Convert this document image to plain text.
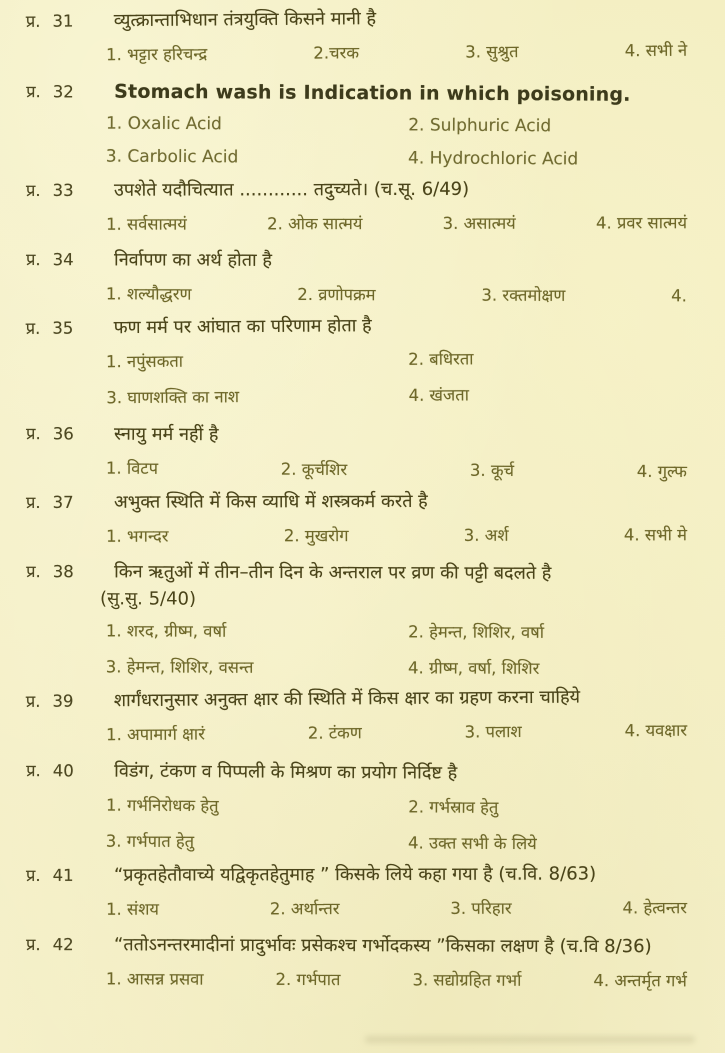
प्र. 31	व्युत्क्रान्ताभिधान तंत्रयुक्ति किसने मानी है
1. भट्टार हरिचन्द्र	2.चरक	3. सुश्रुत	4. सभी ने
प्र. 32	Stomach wash is Indication in which poisoning.
1. Oxalic Acid	2. Sulphuric Acid
3. Carbolic Acid	4. Hydrochloric Acid
प्र. 33	उपशेते यदौचित्यात ............ तदुच्यते। (च.सू. 6/49)
1. सर्वसात्मयं	2. ओक सात्मयं	3. असात्मयं	4. प्रवर सात्मयं
प्र. 34	निर्वापण का अर्थ होता है
1. शल्यौद्धरण	2. व्रणोपक्रम	3. रक्तमोक्षण	4.
प्र. 35	फण मर्म पर आंघात का परिणाम होता है
1. नपुंसकता	2. बधिरता
3. घाणशक्ति का नाश	4. खंजता
प्र. 36	स्नायु मर्म नहीं है
1. विटप	2. कूर्चशिर	3. कूर्च	4. गुल्फ
प्र. 37	अभुक्त स्थिति में किस व्याधि में शस्त्रकर्म करते है
1. भगन्दर	2. मुखरोग	3. अर्श	4. सभी मे
प्र. 38	किन ऋतुओं में तीन–तीन दिन के अन्तराल पर व्रण की पट्टी बदलते है
(सु.सु. 5/40)
1. शरद, ग्रीष्म, वर्षा	2. हेमन्त, शिशिर, वर्षा
3. हेमन्त, शिशिर, वसन्त	4. ग्रीष्म, वर्षा, शिशिर
प्र. 39	शार्गंधरानुसार अनुक्त क्षार की स्थिति में किस क्षार का ग्रहण करना चाहिये
1. अपामार्ग क्षारं	2. टंकण	3. पलाश	4. यवक्षार
प्र. 40	विडंग, टंकण व पिप्पली के मिश्रण का प्रयोग निर्दिष्ट है
1. गर्भनिरोधक हेतु	2. गर्भस्राव हेतु
3. गर्भपात हेतु	4. उक्त सभी के लिये
प्र. 41	“प्रकृतहेतौवाच्ये यद्विकृतहेतुमाह ” किसके लिये कहा गया है (च.वि. 8/63)
1. संशय	2. अर्थान्तर	3. परिहार	4. हेत्वन्तर
प्र. 42	“ततोऽनन्तरमादीनां प्रादुर्भावः प्रसेकश्च गर्भोदकस्य ”किसका लक्षण है (च.वि 8/36)
1. आसन्न प्रसवा	2. गर्भपात	3. सद्योग्रहित गर्भा	4. अन्तर्मृत गर्भ
